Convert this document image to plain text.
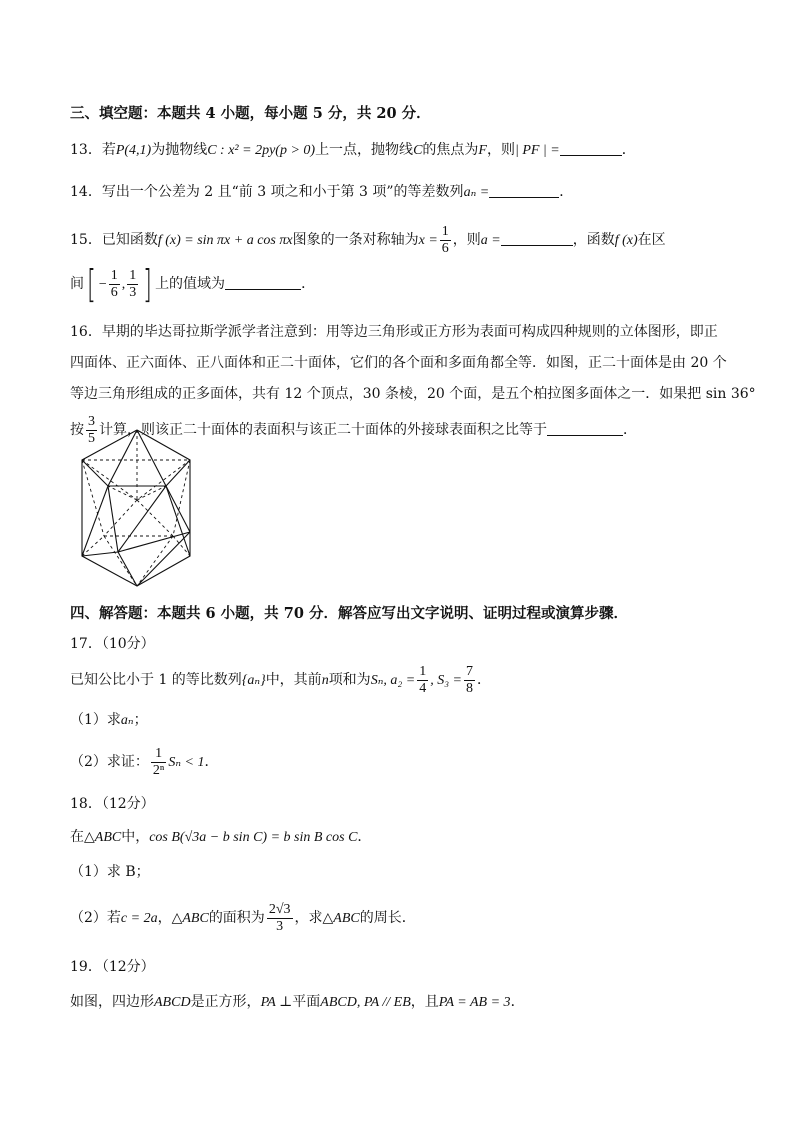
三、填空题：本题共 4 小题，每小题 5 分，共 20 分．
13．若P(4,1)为抛物线C : x² = 2py(p > 0)上一点，抛物线C的焦点为F，则| PF | =	．
14．写出一个公差为 2 且“前 3 项之和小于第 3 项”的等差数列aₙ =	．
15．已知函数f (x) = sin πx + a cos πx图象的一条对称轴为$x = \frac{1}{6}$ ，则a =	，函数f (x)在区
间[ − $\frac{1}{6}$ , $\frac{1}{3}$ ] 上的值域为	．
16．早期的毕达哥拉斯学派学者注意到：用等边三角形或正方形为表面可构成四种规则的立体图形，即正
四面体、正六面体、正八面体和正二十面体，它们的各个面和多面角都全等．如图，正二十面体是由 20 个
等边三角形组成的正多面体，共有 12 个顶点，30 条棱，20 个面，是五个柏拉图多面体之一．如果把 sin 36°
按 $\frac{3}{5}$ 计算，则该正二十面体的表面积与该正二十面体的外接球表面积之比等于	．
四、解答题：本题共 6 小题，共 70 分．解答应写出文字说明、证明过程或演算步骤．
17．（10分）
已知公比小于 1 的等比数列{aₙ}中，其前n项和为Sₙ, $a_2 = \frac{1}{4}$ , $S_3 = \frac{7}{8}$ ．
（1）求aₙ；
（2）求证： $\frac{1}{\text{2ⁿ}}$ Sₙ < 1．
18．（12分）
在△ABC中，cos B(√3a − b sin C) = b sin B cos C．
（1）求 B；
（2）若c = 2a，△ABC的面积为 $\frac{2√3}{3}$ ，求△ABC的周长．
19．（12分）
如图，四边形ABCD是正方形，PA ⊥平面ABCD, PA // EB，且PA = AB = 3．
